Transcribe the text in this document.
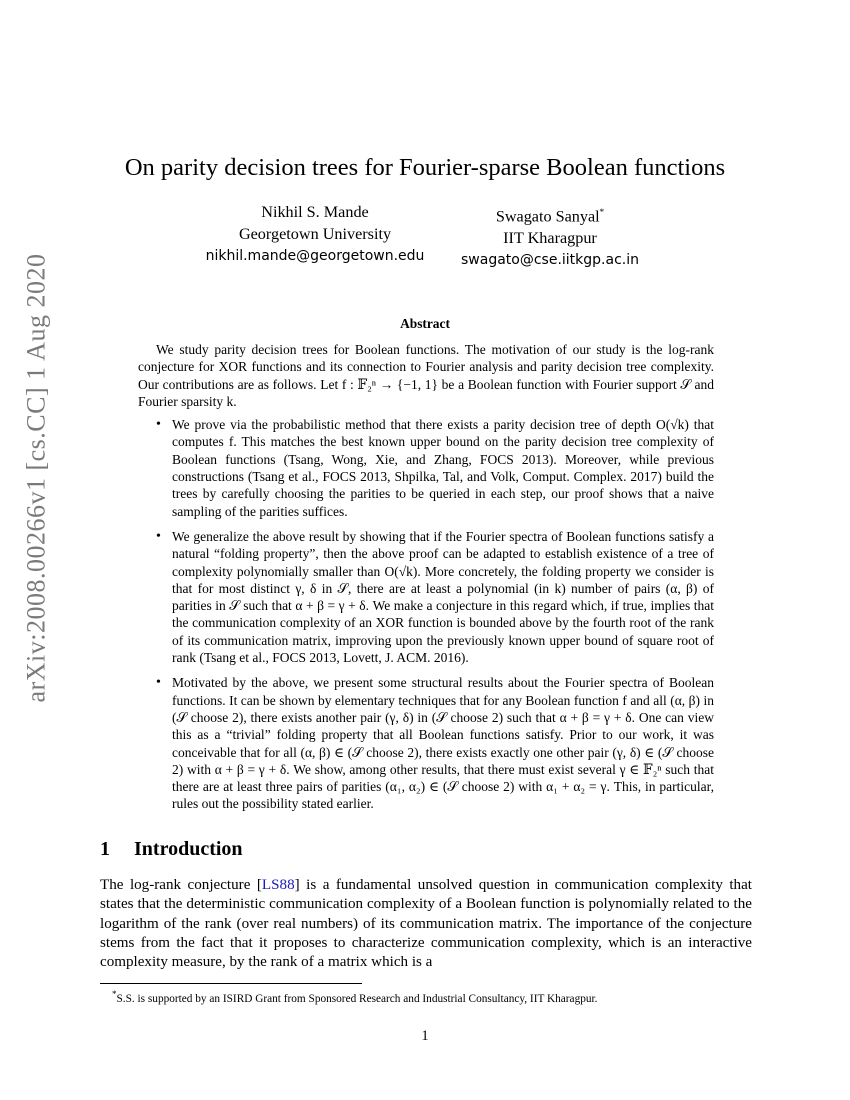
arXiv:2008.00266v1 [cs.CC] 1 Aug 2020
On parity decision trees for Fourier-sparse Boolean functions
Nikhil S. Mande
Georgetown University
nikhil.mande@georgetown.edu
Swagato Sanyal*
IIT Kharagpur
swagato@cse.iitkgp.ac.in
Abstract

We study parity decision trees for Boolean functions. The motivation of our study is the log-rank conjecture for XOR functions and its connection to Fourier analysis and parity decision tree complexity. Our contributions are as follows. Let f : 𝔽₂ⁿ → {−1, 1} be a Boolean function with Fourier support 𝒮 and Fourier sparsity k.

• We prove via the probabilistic method that there exists a parity decision tree of depth O(√k) that computes f. This matches the best known upper bound on the parity decision tree complexity of Boolean functions (Tsang, Wong, Xie, and Zhang, FOCS 2013). Moreover, while previous constructions (Tsang et al., FOCS 2013, Shpilka, Tal, and Volk, Comput. Complex. 2017) build the trees by carefully choosing the parities to be queried in each step, our proof shows that a naive sampling of the parities suffices.
• We generalize the above result by showing that if the Fourier spectra of Boolean functions satisfy a natural “folding property”, then the above proof can be adapted to establish existence of a tree of complexity polynomially smaller than O(√k). More concretely, the folding property we consider is that for most distinct γ, δ in 𝒮, there are at least a polynomial (in k) number of pairs (α, β) of parities in 𝒮 such that α + β = γ + δ. We make a conjecture in this regard which, if true, implies that the communication complexity of an XOR function is bounded above by the fourth root of the rank of its communication matrix, improving upon the previously known upper bound of square root of rank (Tsang et al., FOCS 2013, Lovett, J. ACM. 2016).
• Motivated by the above, we present some structural results about the Fourier spectra of Boolean functions. It can be shown by elementary techniques that for any Boolean function f and all (α, β) in (𝒮 choose 2), there exists another pair (γ, δ) in (𝒮 choose 2) such that α + β = γ + δ. One can view this as a “trivial” folding property that all Boolean functions satisfy. Prior to our work, it was conceivable that for all (α, β) ∈ (𝒮 choose 2), there exists exactly one other pair (γ, δ) ∈ (𝒮 choose 2) with α + β = γ + δ. We show, among other results, that there must exist several γ ∈ 𝔽₂ⁿ such that there are at least three pairs of parities (α₁, α₂) ∈ (𝒮 choose 2) with α₁ + α₂ = γ. This, in particular, rules out the possibility stated earlier.
1 Introduction

The log-rank conjecture [LS88] is a fundamental unsolved question in communication complexity that states that the deterministic communication complexity of a Boolean function is polynomially related to the logarithm of the rank (over real numbers) of its communication matrix. The importance of the conjecture stems from the fact that it proposes to characterize communication complexity, which is an interactive complexity measure, by the rank of a matrix which is a

*S.S. is supported by an ISIRD Grant from Sponsored Research and Industrial Consultancy, IIT Kharagpur.
1
